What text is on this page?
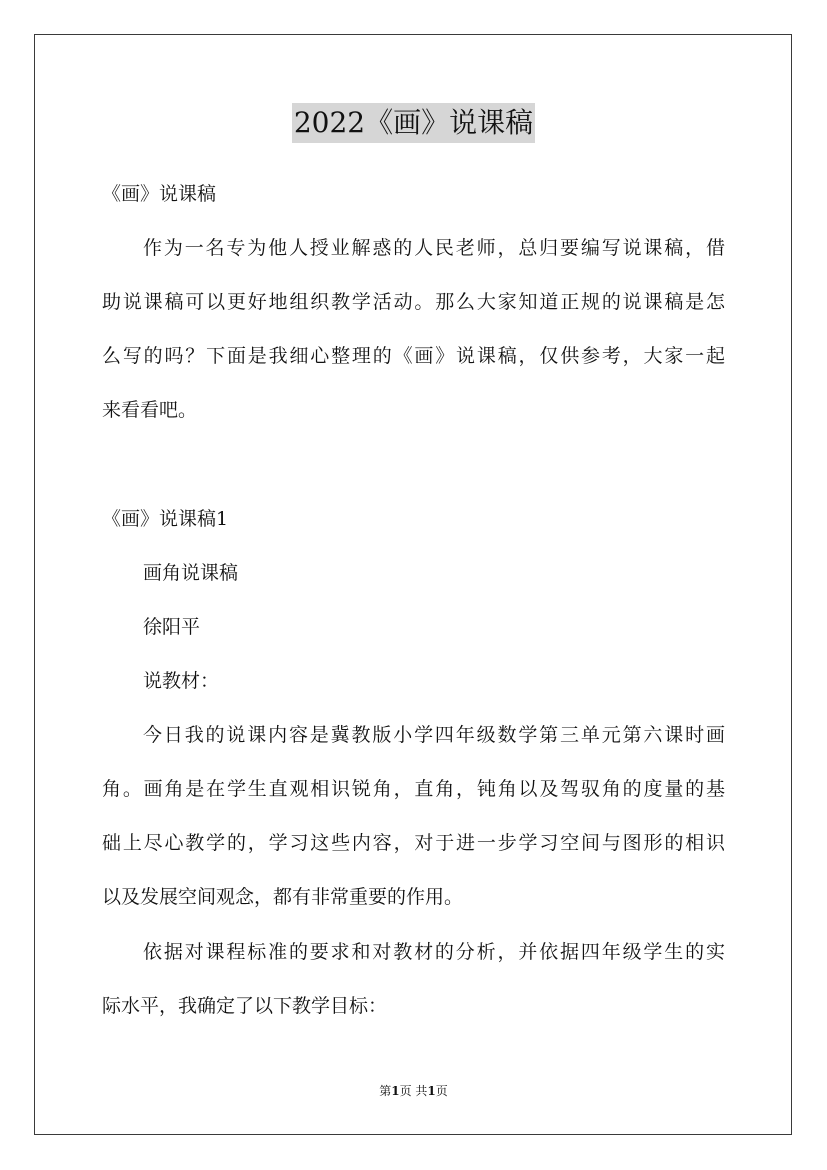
2022《画》说课稿
《画》说课稿
作为一名专为他人授业解惑的人民老师，总归要编写说课稿，借
助说课稿可以更好地组织教学活动。那么大家知道正规的说课稿是怎
么写的吗？下面是我细心整理的《画》说课稿，仅供参考，大家一起
来看看吧。
《画》说课稿1
画角说课稿
徐阳平
说教材：
今日我的说课内容是冀教版小学四年级数学第三单元第六课时画
角。画角是在学生直观相识锐角，直角，钝角以及驾驭角的度量的基
础上尽心教学的，学习这些内容，对于进一步学习空间与图形的相识
以及发展空间观念，都有非常重要的作用。
依据对课程标准的要求和对教材的分析，并依据四年级学生的实
际水平，我确定了以下教学目标：
第1页 共1页
